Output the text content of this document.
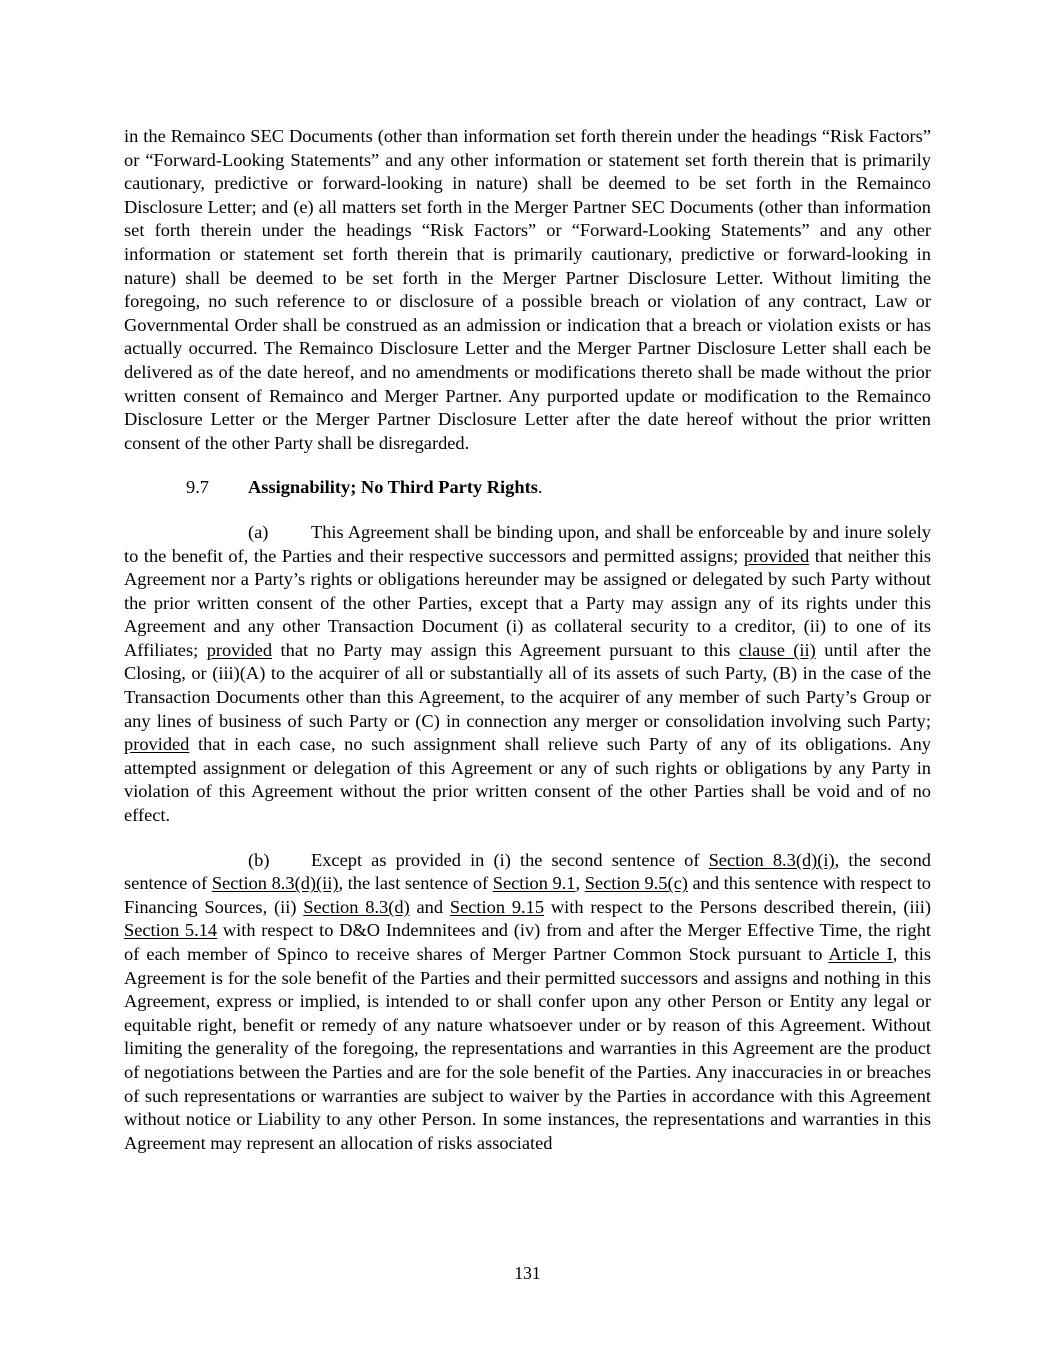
in the Remainco SEC Documents (other than information set forth therein under the headings “Risk Factors” or “Forward-Looking Statements” and any other information or statement set forth therein that is primarily cautionary, predictive or forward-looking in nature) shall be deemed to be set forth in the Remainco Disclosure Letter; and (e) all matters set forth in the Merger Partner SEC Documents (other than information set forth therein under the headings “Risk Factors” or “Forward-Looking Statements” and any other information or statement set forth therein that is primarily cautionary, predictive or forward-looking in nature) shall be deemed to be set forth in the Merger Partner Disclosure Letter. Without limiting the foregoing, no such reference to or disclosure of a possible breach or violation of any contract, Law or Governmental Order shall be construed as an admission or indication that a breach or violation exists or has actually occurred. The Remainco Disclosure Letter and the Merger Partner Disclosure Letter shall each be delivered as of the date hereof, and no amendments or modifications thereto shall be made without the prior written consent of Remainco and Merger Partner. Any purported update or modification to the Remainco Disclosure Letter or the Merger Partner Disclosure Letter after the date hereof without the prior written consent of the other Party shall be disregarded.

9.7 Assignability; No Third Party Rights.

(a) This Agreement shall be binding upon, and shall be enforceable by and inure solely to the benefit of, the Parties and their respective successors and permitted assigns; provided that neither this Agreement nor a Party’s rights or obligations hereunder may be assigned or delegated by such Party without the prior written consent of the other Parties, except that a Party may assign any of its rights under this Agreement and any other Transaction Document (i) as collateral security to a creditor, (ii) to one of its Affiliates; provided that no Party may assign this Agreement pursuant to this clause (ii) until after the Closing, or (iii)(A) to the acquirer of all or substantially all of its assets of such Party, (B) in the case of the Transaction Documents other than this Agreement, to the acquirer of any member of such Party’s Group or any lines of business of such Party or (C) in connection any merger or consolidation involving such Party; provided that in each case, no such assignment shall relieve such Party of any of its obligations. Any attempted assignment or delegation of this Agreement or any of such rights or obligations by any Party in violation of this Agreement without the prior written consent of the other Parties shall be void and of no effect.

(b) Except as provided in (i) the second sentence of Section 8.3(d)(i), the second sentence of Section 8.3(d)(ii), the last sentence of Section 9.1, Section 9.5(c) and this sentence with respect to Financing Sources, (ii) Section 8.3(d) and Section 9.15 with respect to the Persons described therein, (iii) Section 5.14 with respect to D&O Indemnitees and (iv) from and after the Merger Effective Time, the right of each member of Spinco to receive shares of Merger Partner Common Stock pursuant to Article I, this Agreement is for the sole benefit of the Parties and their permitted successors and assigns and nothing in this Agreement, express or implied, is intended to or shall confer upon any other Person or Entity any legal or equitable right, benefit or remedy of any nature whatsoever under or by reason of this Agreement. Without limiting the generality of the foregoing, the representations and warranties in this Agreement are the product of negotiations between the Parties and are for the sole benefit of the Parties. Any inaccuracies in or breaches of such representations or warranties are subject to waiver by the Parties in accordance with this Agreement without notice or Liability to any other Person. In some instances, the representations and warranties in this Agreement may represent an allocation of risks associated

131
